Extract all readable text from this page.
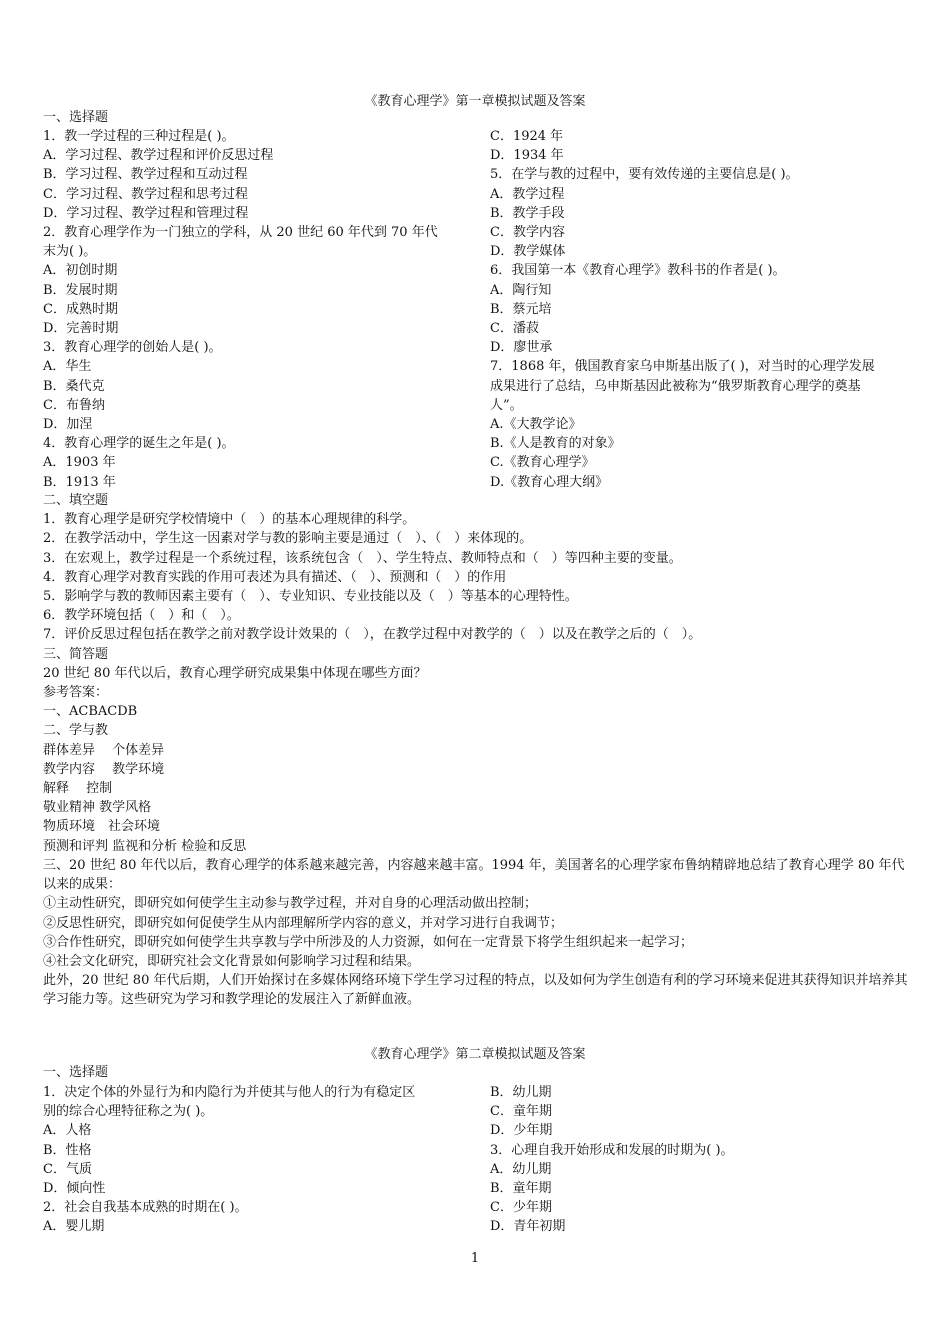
《教育心理学》第一章模拟试题及答案
一、选择题
1．教一学过程的三种过程是( )。
A．学习过程、教学过程和评价反思过程
B．学习过程、教学过程和互动过程
C．学习过程、教学过程和思考过程
D．学习过程、教学过程和管理过程
2．教育心理学作为一门独立的学科，从 20 世纪 60 年代到 70 年代
末为( )。
A．初创时期
B．发展时期
C．成熟时期
D．完善时期
3．教育心理学的创始人是( )。
A．华生
B．桑代克
C．布鲁纳
D．加涅
4．教育心理学的诞生之年是( )。
A．1903 年
B．1913 年
C．1924 年
D．1934 年
5．在学与教的过程中，要有效传递的主要信息是( )。
A．教学过程
B．教学手段
C．教学内容
D．教学媒体
6．我国第一本《教育心理学》教科书的作者是( )。
A．陶行知
B．蔡元培
C．潘菽
D．廖世承
7．1868 年，俄国教育家乌申斯基出版了( )，对当时的心理学发展
成果进行了总结，乌申斯基因此被称为“俄罗斯教育心理学的奠基
人”。
A.《大教学论》
B.《人是教育的对象》
C.《教育心理学》
D.《教育心理大纲》
二、填空题
1．教育心理学是研究学校情境中（　）的基本心理规律的科学。
2．在教学活动中，学生这一因素对学与教的影响主要是通过（　）、（　）来体现的。
3．在宏观上，教学过程是一个系统过程，该系统包含（　）、学生特点、教师特点和（　）等四种主要的变量。
4．教育心理学对教育实践的作用可表述为具有描述、（　）、预测和（　）的作用
5．影响学与教的教师因素主要有（　）、专业知识、专业技能以及（　）等基本的心理特性。
6．教学环境包括（　）和（　）。
7．评价反思过程包括在教学之前对教学设计效果的（　），在教学过程中对教学的（　）以及在教学之后的（　）。
三、简答题
20 世纪 80 年代以后，教育心理学研究成果集中体现在哪些方面？
参考答案：
一、ACBACDB
二、学与教
群体差异　 个体差异
教学内容　 教学环境
解释　 控制
敬业精神 教学风格
物质环境　社会环境
预测和评判 监视和分析 检验和反思
三、20 世纪 80 年代以后，教育心理学的体系越来越完善，内容越来越丰富。1994 年，美国著名的心理学家布鲁纳精辟地总结了教育心理学 80 年代以来的成果：
①主动性研究，即研究如何使学生主动参与教学过程，并对自身的心理活动做出控制；
②反思性研究，即研究如何促使学生从内部理解所学内容的意义，并对学习进行自我调节；
③合作性研究，即研究如何使学生共享教与学中所涉及的人力资源，如何在一定背景下将学生组织起来一起学习；
④社会文化研究，即研究社会文化背景如何影响学习过程和结果。
此外，20 世纪 80 年代后期，人们开始探讨在多媒体网络环境下学生学习过程的特点，以及如何为学生创造有利的学习环境来促进其获得知识并培养其学习能力等。这些研究为学习和教学理论的发展注入了新鲜血液。
《教育心理学》第二章模拟试题及答案
一、选择题
1．决定个体的外显行为和内隐行为并使其与他人的行为有稳定区
别的综合心理特征称之为( )。
A．人格
B．性格
C．气质
D．倾向性
2．社会自我基本成熟的时期在( )。
A．婴儿期
B．幼儿期
C．童年期
D．少年期
3．心理自我开始形成和发展的时期为( )。
A．幼儿期
B．童年期
C．少年期
D．青年初期
1
